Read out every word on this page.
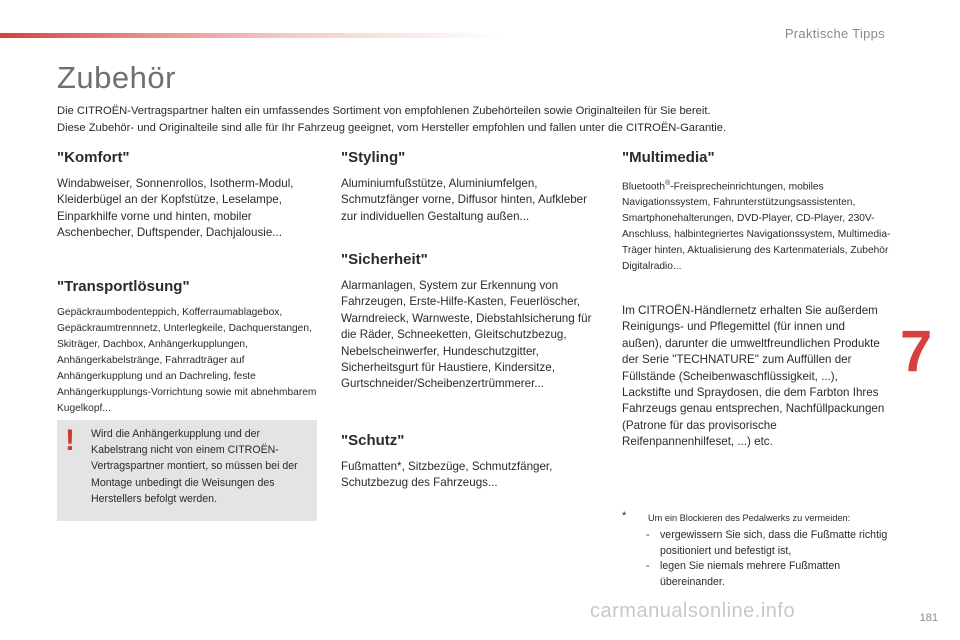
Praktische Tipps
Zubehör

Die CITROËN-Vertragspartner halten ein umfassendes Sortiment von empfohlenen Zubehörteilen sowie Originalteilen für Sie bereit.

Diese Zubehör- und Originalteile sind alle für Ihr Fahrzeug geeignet, vom Hersteller empfohlen und fallen unter die CITROËN-Garantie.

"Komfort"

Windabweiser, Sonnenrollos, Isotherm-Modul, Kleiderbügel an der Kopfstütze, Leselampe, Einparkhilfe vorne und hinten, mobiler Aschenbecher, Duftspender, Dachjalousie...

"Transportlösung"

Gepäckraumbodenteppich, Kofferraumablagebox, Gepäckraumtrennnetz, Unterlegkeile, Dachquerstangen, Skiträger, Dachbox, Anhängerkupplungen, Anhängerkabelstränge, Fahrradträger auf Anhängerkupplung und an Dachreling, feste Anhängerkupplungs-Vorrichtung sowie mit abnehmbarem Kugelkopf...

! Wird die Anhängerkupplung und der Kabelstrang nicht von einem CITROËN-Vertragspartner montiert, so müssen bei der Montage unbedingt die Weisungen des Herstellers befolgt werden.
"Styling"

Aluminiumfußstütze, Aluminiumfelgen, Schmutzfänger vorne, Diffusor hinten, Aufkleber zur individuellen Gestaltung außen...

"Sicherheit"

Alarmanlagen, System zur Erkennung von Fahrzeugen, Erste-Hilfe-Kasten, Feuerlöscher, Warndreieck, Warnweste, Diebstahlsicherung für die Räder, Schneeketten, Gleitschutzbezug, Nebelscheinwerfer, Hundeschutzgitter, Sicherheitsgurt für Haustiere, Kindersitze, Gurtschneider/Scheibenzertrümmerer...

"Schutz"

Fußmatten*, Sitzbezüge, Schmutzfänger, Schutzbezug des Fahrzeugs...

"Multimedia"

Bluetooth®-Freisprecheinrichtungen, mobiles Navigationssystem, Fahrunterstützungsassistenten, Smartphonehalterungen, DVD-Player, CD-Player, 230V-Anschluss, halbintegriertes Navigationssystem, Multimedia-Träger hinten, Aktualisierung des Kartenmaterials, Zubehör Digitalradio...

Im CITROËN-Händlernetz erhalten Sie außerdem Reinigungs- und Pflegemittel (für innen und außen), darunter die umweltfreundlichen Produkte der Serie "TECHNATURE" zum Auffüllen der Füllstände (Scheibenwaschflüssigkeit, ...), Lackstifte und Spraydosen, die dem Farbton Ihres Fahrzeugs genau entsprechen, Nachfüllpackungen (Patrone für das provisorische Reifenpannenhilfeset, ...) etc.

* Um ein Blockieren des Pedalwerks zu vermeiden:
- vergewissern Sie sich, dass die Fußmatte richtig positioniert und befestigt ist,
- legen Sie niemals mehrere Fußmatten übereinander.
7
carmanualsonline.info	181
